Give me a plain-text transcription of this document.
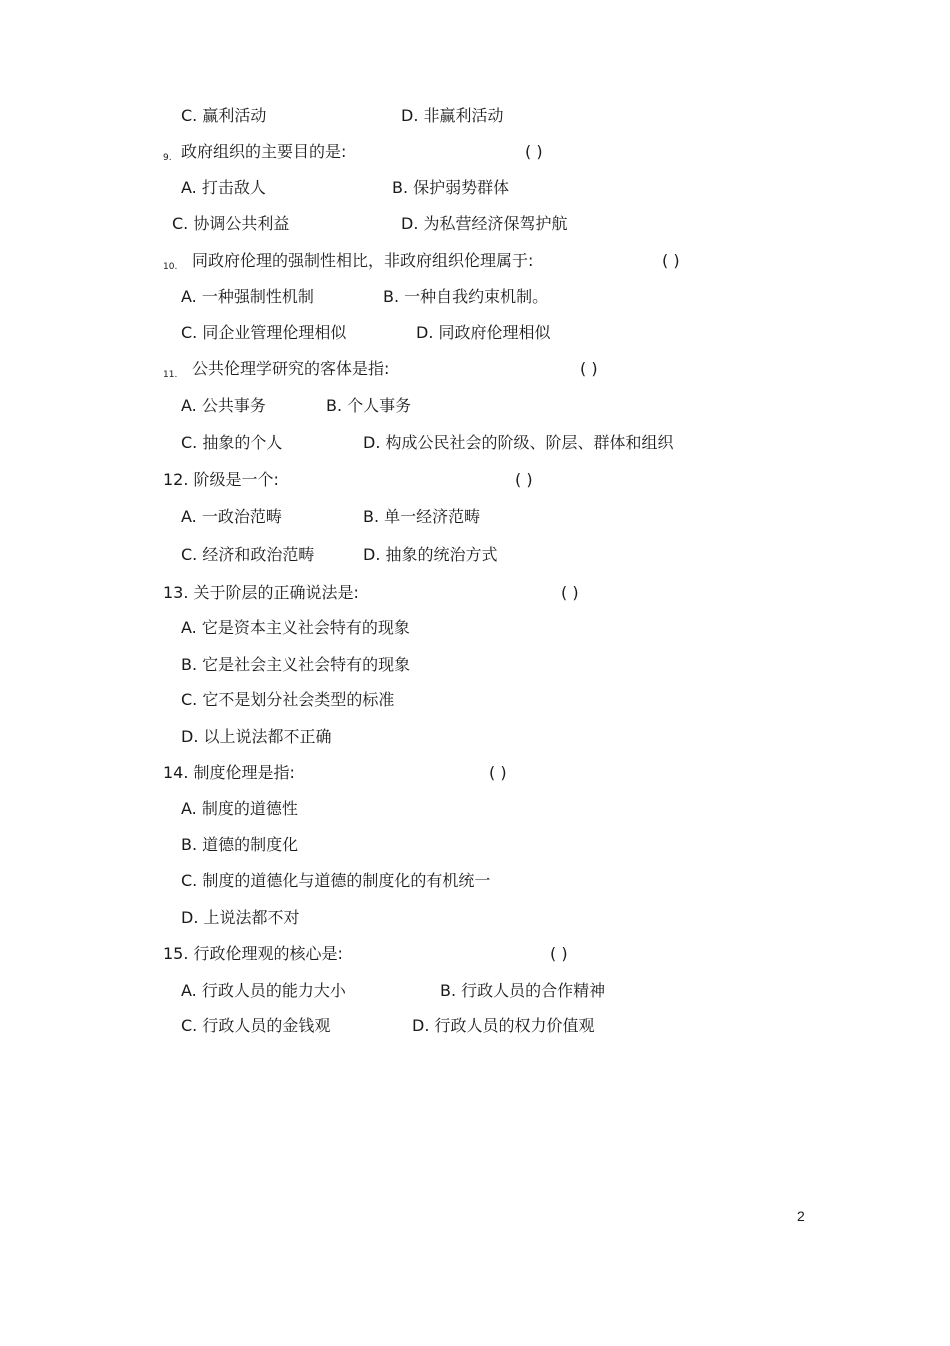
C. 赢利活动	D. 非赢利活动
9. 政府组织的主要目的是:	( )
A. 打击敌人	B. 保护弱势群体
C. 协调公共利益	D. 为私营经济保驾护航
10. 同政府伦理的强制性相比，非政府组织伦理属于:	( )
A. 一种强制性机制	B. 一种自我约束机制。
C. 同企业管理伦理相似	D. 同政府伦理相似
11. 公共伦理学研究的客体是指:	( )
A. 公共事务	B. 个人事务
C. 抽象的个人	D. 构成公民社会的阶级、阶层、群体和组织
12. 阶级是一个:	( )
A. 一政治范畴	B. 单一经济范畴
C. 经济和政治范畴	D. 抽象的统治方式
13. 关于阶层的正确说法是:	( )
A. 它是资本主义社会特有的现象
B. 它是社会主义社会特有的现象
C. 它不是划分社会类型的标准
D. 以上说法都不正确
14. 制度伦理是指:	( )
A. 制度的道德性
B. 道德的制度化
C. 制度的道德化与道德的制度化的有机统一
D. 上说法都不对
15. 行政伦理观的核心是:	( )
A. 行政人员的能力大小	B. 行政人员的合作精神
C. 行政人员的金钱观	D. 行政人员的权力价值观
2
